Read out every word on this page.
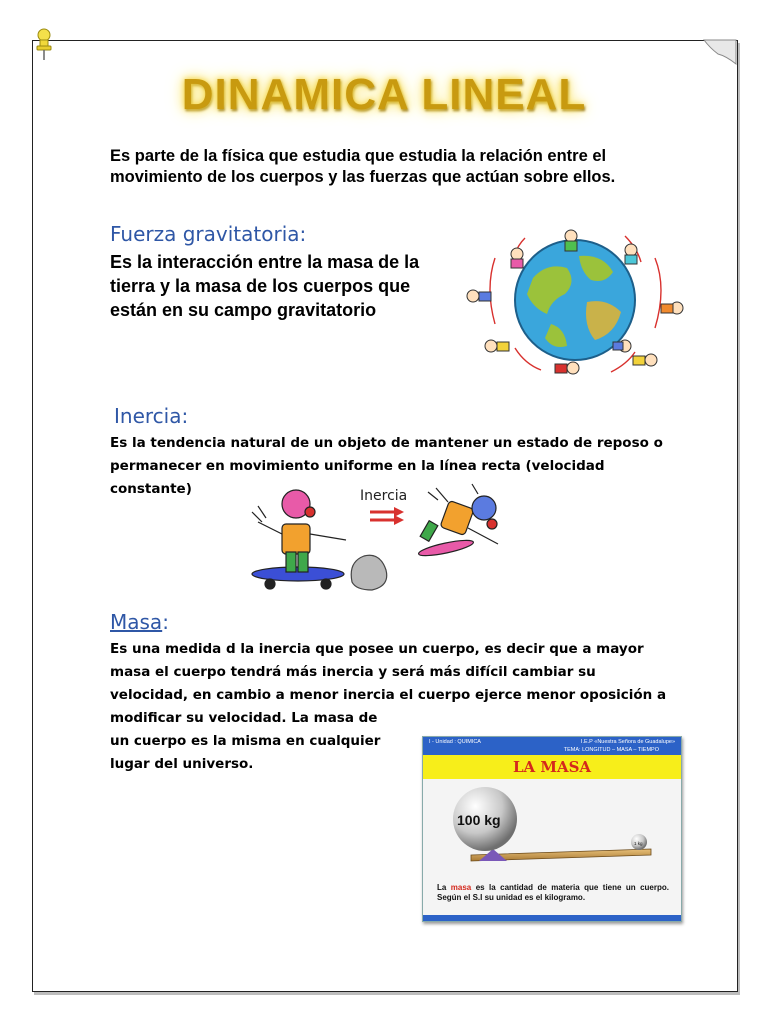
DINAMICA LINEAL
Es parte de la física que estudia que estudia la relación entre el movimiento de los cuerpos y las fuerzas que actúan sobre ellos.
Fuerza gravitatoria:
Es la interacción entre la masa de la tierra y la masa de los cuerpos que están en su campo gravitatorio
Inercia:
Es la tendencia natural de un objeto de mantener un estado de reposo o permanecer en movimiento uniforme en la línea recta (velocidad constante)	Inercia
Masa:
Es una medida d la inercia que posee un cuerpo, es decir que a mayor masa el cuerpo tendrá más inercia y será más difícil cambiar su velocidad, en cambio a menor inercia el cuerpo ejerce menor oposición a modificar su velocidad. La masa de
un cuerpo es la misma en cualquier lugar del universo.
I - Unidad : QUIMICA	I.E.P «Nuestra Señora de Guadalupe»
TEMA: LONGITUD – MASA – TIEMPO
LA MASA
100 kg
1 kg
La masa es la cantidad de materia que tiene un cuerpo. Según el S.I su unidad es el kilogramo.
